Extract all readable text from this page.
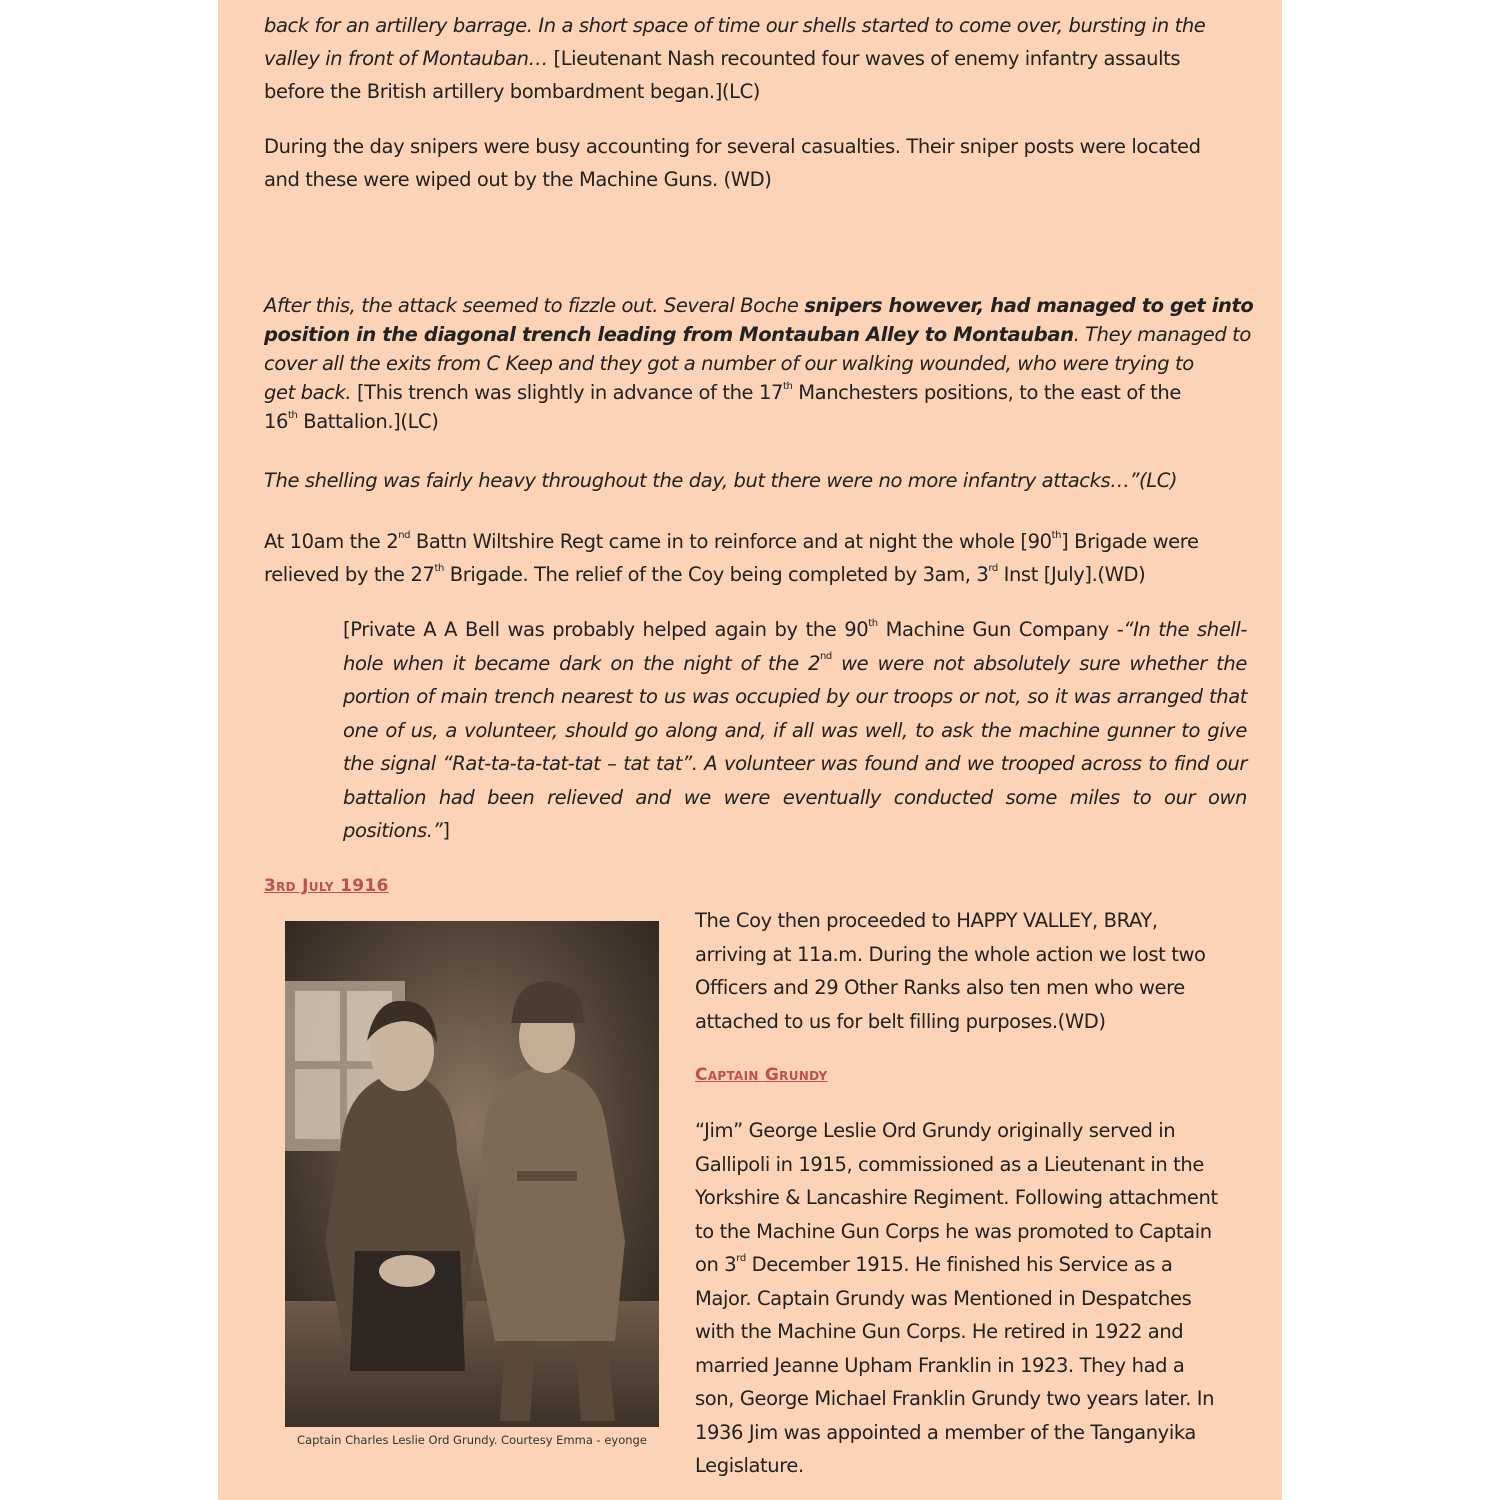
back for an artillery barrage. In a short space of time our shells started to come over, bursting in the
valley in front of Montauban… [Lieutenant Nash recounted four waves of enemy infantry assaults
before the British artillery bombardment began.](LC)

During the day snipers were busy accounting for several casualties. Their sniper posts were located
and these were wiped out by the Machine Guns. (WD)

After this, the attack seemed to fizzle out. Several Boche snipers however, had managed to get into
position in the diagonal trench leading from Montauban Alley to Montauban. They managed to
cover all the exits from C Keep and they got a number of our walking wounded, who were trying to
get back. [This trench was slightly in advance of the 17th Manchesters positions, to the east of the
16th Battalion.](LC)

The shelling was fairly heavy throughout the day, but there were no more infantry attacks…”(LC)

At 10am the 2nd Battn Wiltshire Regt came in to reinforce and at night the whole [90th] Brigade were
relieved by the 27th Brigade. The relief of the Coy being completed by 3am, 3rd Inst [July].(WD)

[Private A A Bell was probably helped again by the 90th Machine Gun Company -“In the shell-hole when it became dark on the night of the 2nd we were not absolutely sure whether the portion of main trench nearest to us was occupied by our troops or not, so it was arranged that one of us, a volunteer, should go along and, if all was well, to ask the machine gunner to give the signal “Rat-ta-ta-tat-tat – tat tat”. A volunteer was found and we trooped across to find our battalion had been relieved and we were eventually conducted some miles to our own positions.”]

3rd July 1916

Captain Charles Leslie Ord Grundy. Courtesy Emma - eyonge

The Coy then proceeded to HAPPY VALLEY, BRAY,
arriving at 11a.m. During the whole action we lost two
Officers and 29 Other Ranks also ten men who were
attached to us for belt filling purposes.(WD)

Captain Grundy

“Jim” George Leslie Ord Grundy originally served in
Gallipoli in 1915, commissioned as a Lieutenant in the
Yorkshire & Lancashire Regiment. Following attachment
to the Machine Gun Corps he was promoted to Captain
on 3rd December 1915. He finished his Service as a
Major. Captain Grundy was Mentioned in Despatches
with the Machine Gun Corps. He retired in 1922 and
married Jeanne Upham Franklin in 1923. They had a
son, George Michael Franklin Grundy two years later. In
1936 Jim was appointed a member of the Tanganyika
Legislature.
